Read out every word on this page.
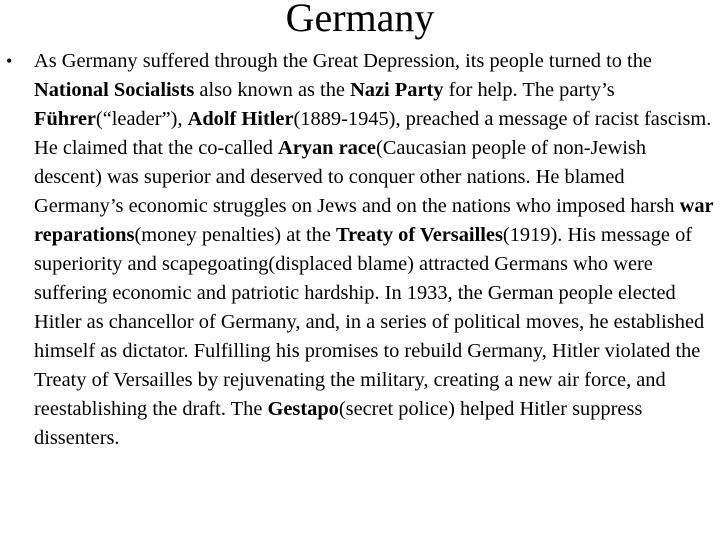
Germany
•	As Germany suffered through the Great Depression, its people turned to the National Socialists also known as the Nazi Party for help. The party’s Führer(“leader”), Adolf Hitler(1889-1945), preached a message of racist fascism. He claimed that the co-called Aryan race(Caucasian people of non-Jewish descent) was superior and deserved to conquer other nations. He blamed Germany’s economic struggles on Jews and on the nations who imposed harsh war reparations(money penalties) at the Treaty of Versailles(1919). His message of superiority and scapegoating(displaced blame) attracted Germans who were suffering economic and patriotic hardship. In 1933, the German people elected Hitler as chancellor of Germany, and, in a series of political moves, he established himself as dictator. Fulfilling his promises to rebuild Germany, Hitler violated the Treaty of Versailles by rejuvenating the military, creating a new air force, and reestablishing the draft. The Gestapo(secret police) helped Hitler suppress dissenters.
